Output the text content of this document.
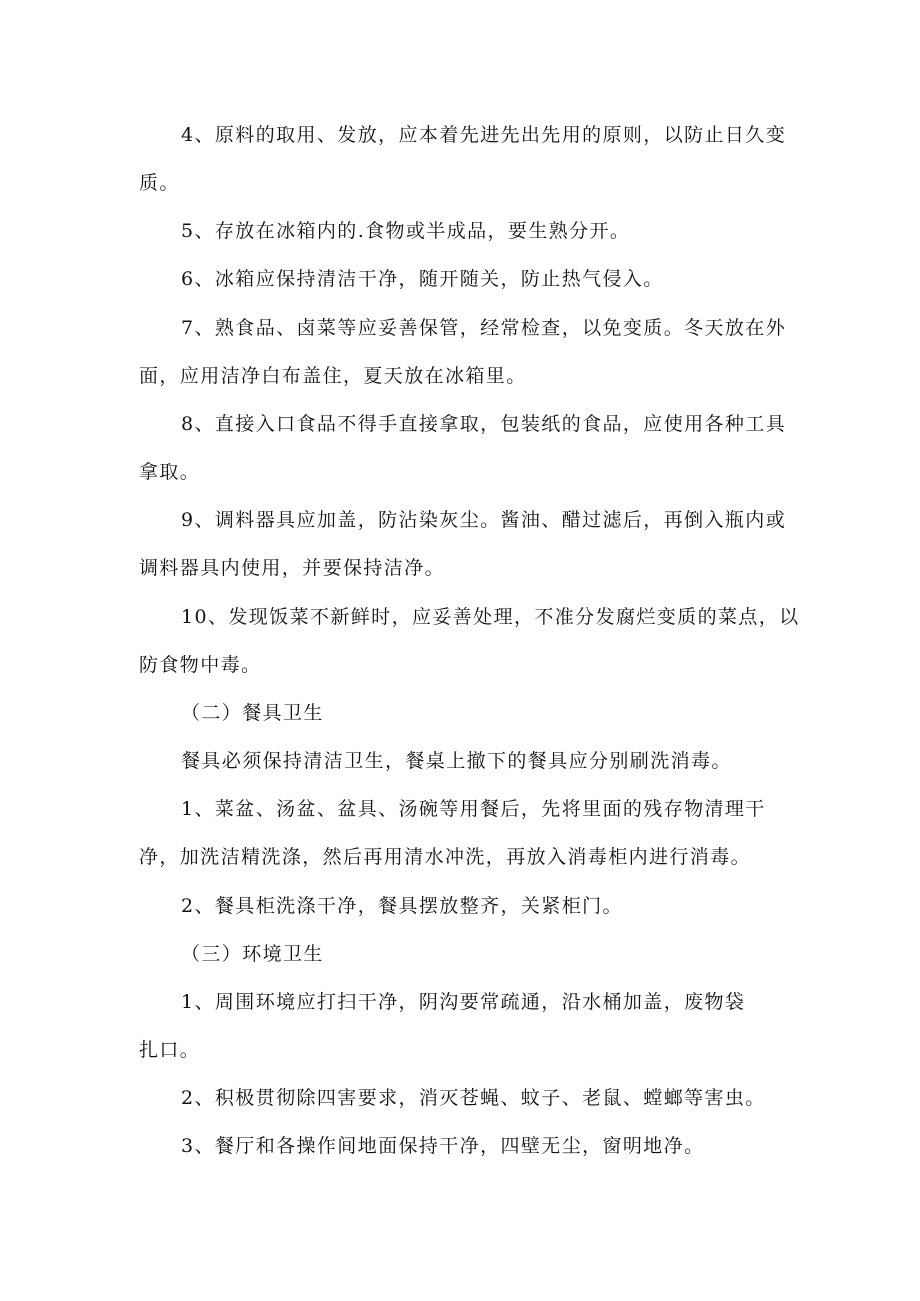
4、原料的取用、发放，应本着先进先出先用的原则，以防止日久变
质。
5、存放在冰箱内的.食物或半成品，要生熟分开。
6、冰箱应保持清洁干净，随开随关，防止热气侵入。
7、熟食品、卤菜等应妥善保管，经常检查，以免变质。冬天放在外
面，应用洁净白布盖住，夏天放在冰箱里。
8、直接入口食品不得手直接拿取，包装纸的食品，应使用各种工具
拿取。
9、调料器具应加盖，防沾染灰尘。酱油、醋过滤后，再倒入瓶内或
调料器具内使用，并要保持洁净。
10、发现饭菜不新鲜时，应妥善处理，不准分发腐烂变质的菜点，以
防食物中毒。
（二）餐具卫生
餐具必须保持清洁卫生，餐桌上撤下的餐具应分别刷洗消毒。
1、菜盆、汤盆、盆具、汤碗等用餐后，先将里面的残存物清理干
净，加洗洁精洗涤，然后再用清水冲洗，再放入消毒柜内进行消毒。
2、餐具柜洗涤干净，餐具摆放整齐，关紧柜门。
（三）环境卫生
1、周围环境应打扫干净，阴沟要常疏通，沿水桶加盖，废物袋
扎口。
2、积极贯彻除四害要求，消灭苍蝇、蚊子、老鼠、螳螂等害虫。
3、餐厅和各操作间地面保持干净，四壁无尘，窗明地净。
